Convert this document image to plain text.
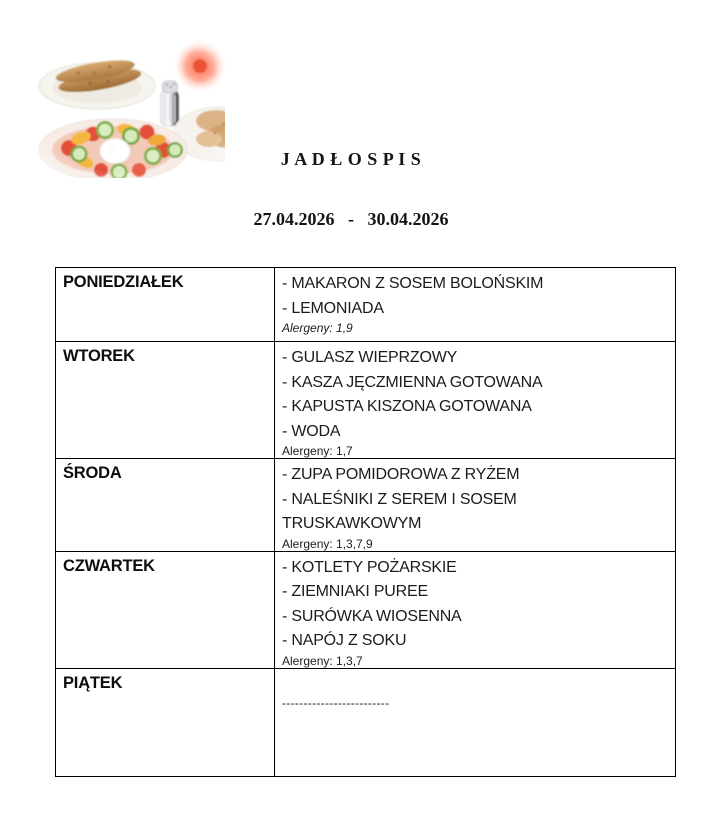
J A D Ł O S P I S
27.04.2026   -   30.04.2026
PONIEDZIAŁEK	- MAKARON Z SOSEM BOLOŃSKIM
- LEMONIADA
Alergeny: 1,9

WTOREK	- GULASZ WIEPRZOWY
- KASZA JĘCZMIENNA GOTOWANA
- KAPUSTA KISZONA GOTOWANA
- WODA
Alergeny: 1,7

ŚRODA	- ZUPA POMIDOROWA Z RYŻEM
- NALEŚNIKI Z SEREM I SOSEM
TRUSKAWKOWYM
Alergeny: 1,3,7,9

CZWARTEK	- KOTLETY POŻARSKIE
- ZIEMNIAKI PUREE
- SURÓWKA WIOSENNA
- NAPÓJ Z SOKU
Alergeny: 1,3,7

PIĄTEK	-------------------------
